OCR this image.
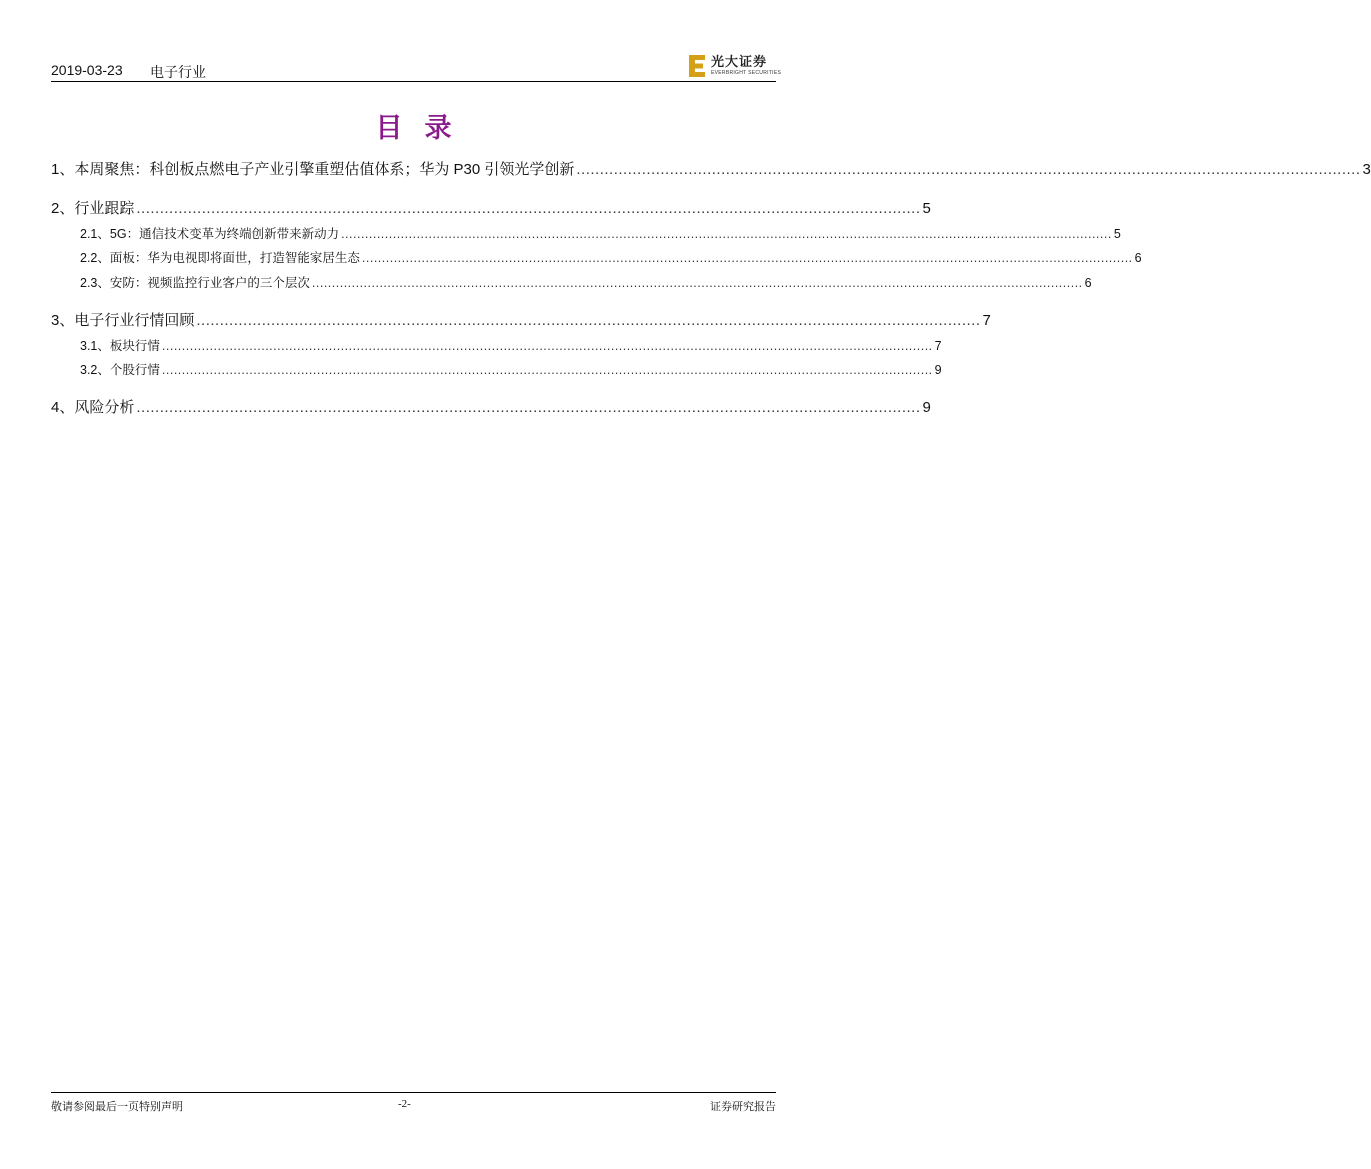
2019-03-23 电子行业
光大证券
EVERBRIGHT SECURITIES
目录
1、 本周聚焦：科创板点燃电子产业引擎重塑估值体系；华为 P30 引领光学创新 ........................................................................................................................................................................ 3
2、 行业跟踪 ........................................................................................................................................................................ 5
2.1、 5G：通信技术变革为终端创新带来新动力 .................................................................................................................................................................................................. 5
2.2、 面板：华为电视即将面世，打造智能家居生态 .................................................................................................................................................................................................. 6
2.3、 安防：视频监控行业客户的三个层次 .................................................................................................................................................................................................. 6
3、 电子行业行情回顾 ........................................................................................................................................................................ 7
3.1、 板块行情 .................................................................................................................................................................................................. 7
3.2、 个股行情 .................................................................................................................................................................................................. 9
4、 风险分析 ........................................................................................................................................................................ 9
敬请参阅最后一页特别声明	-2-	证券研究报告
